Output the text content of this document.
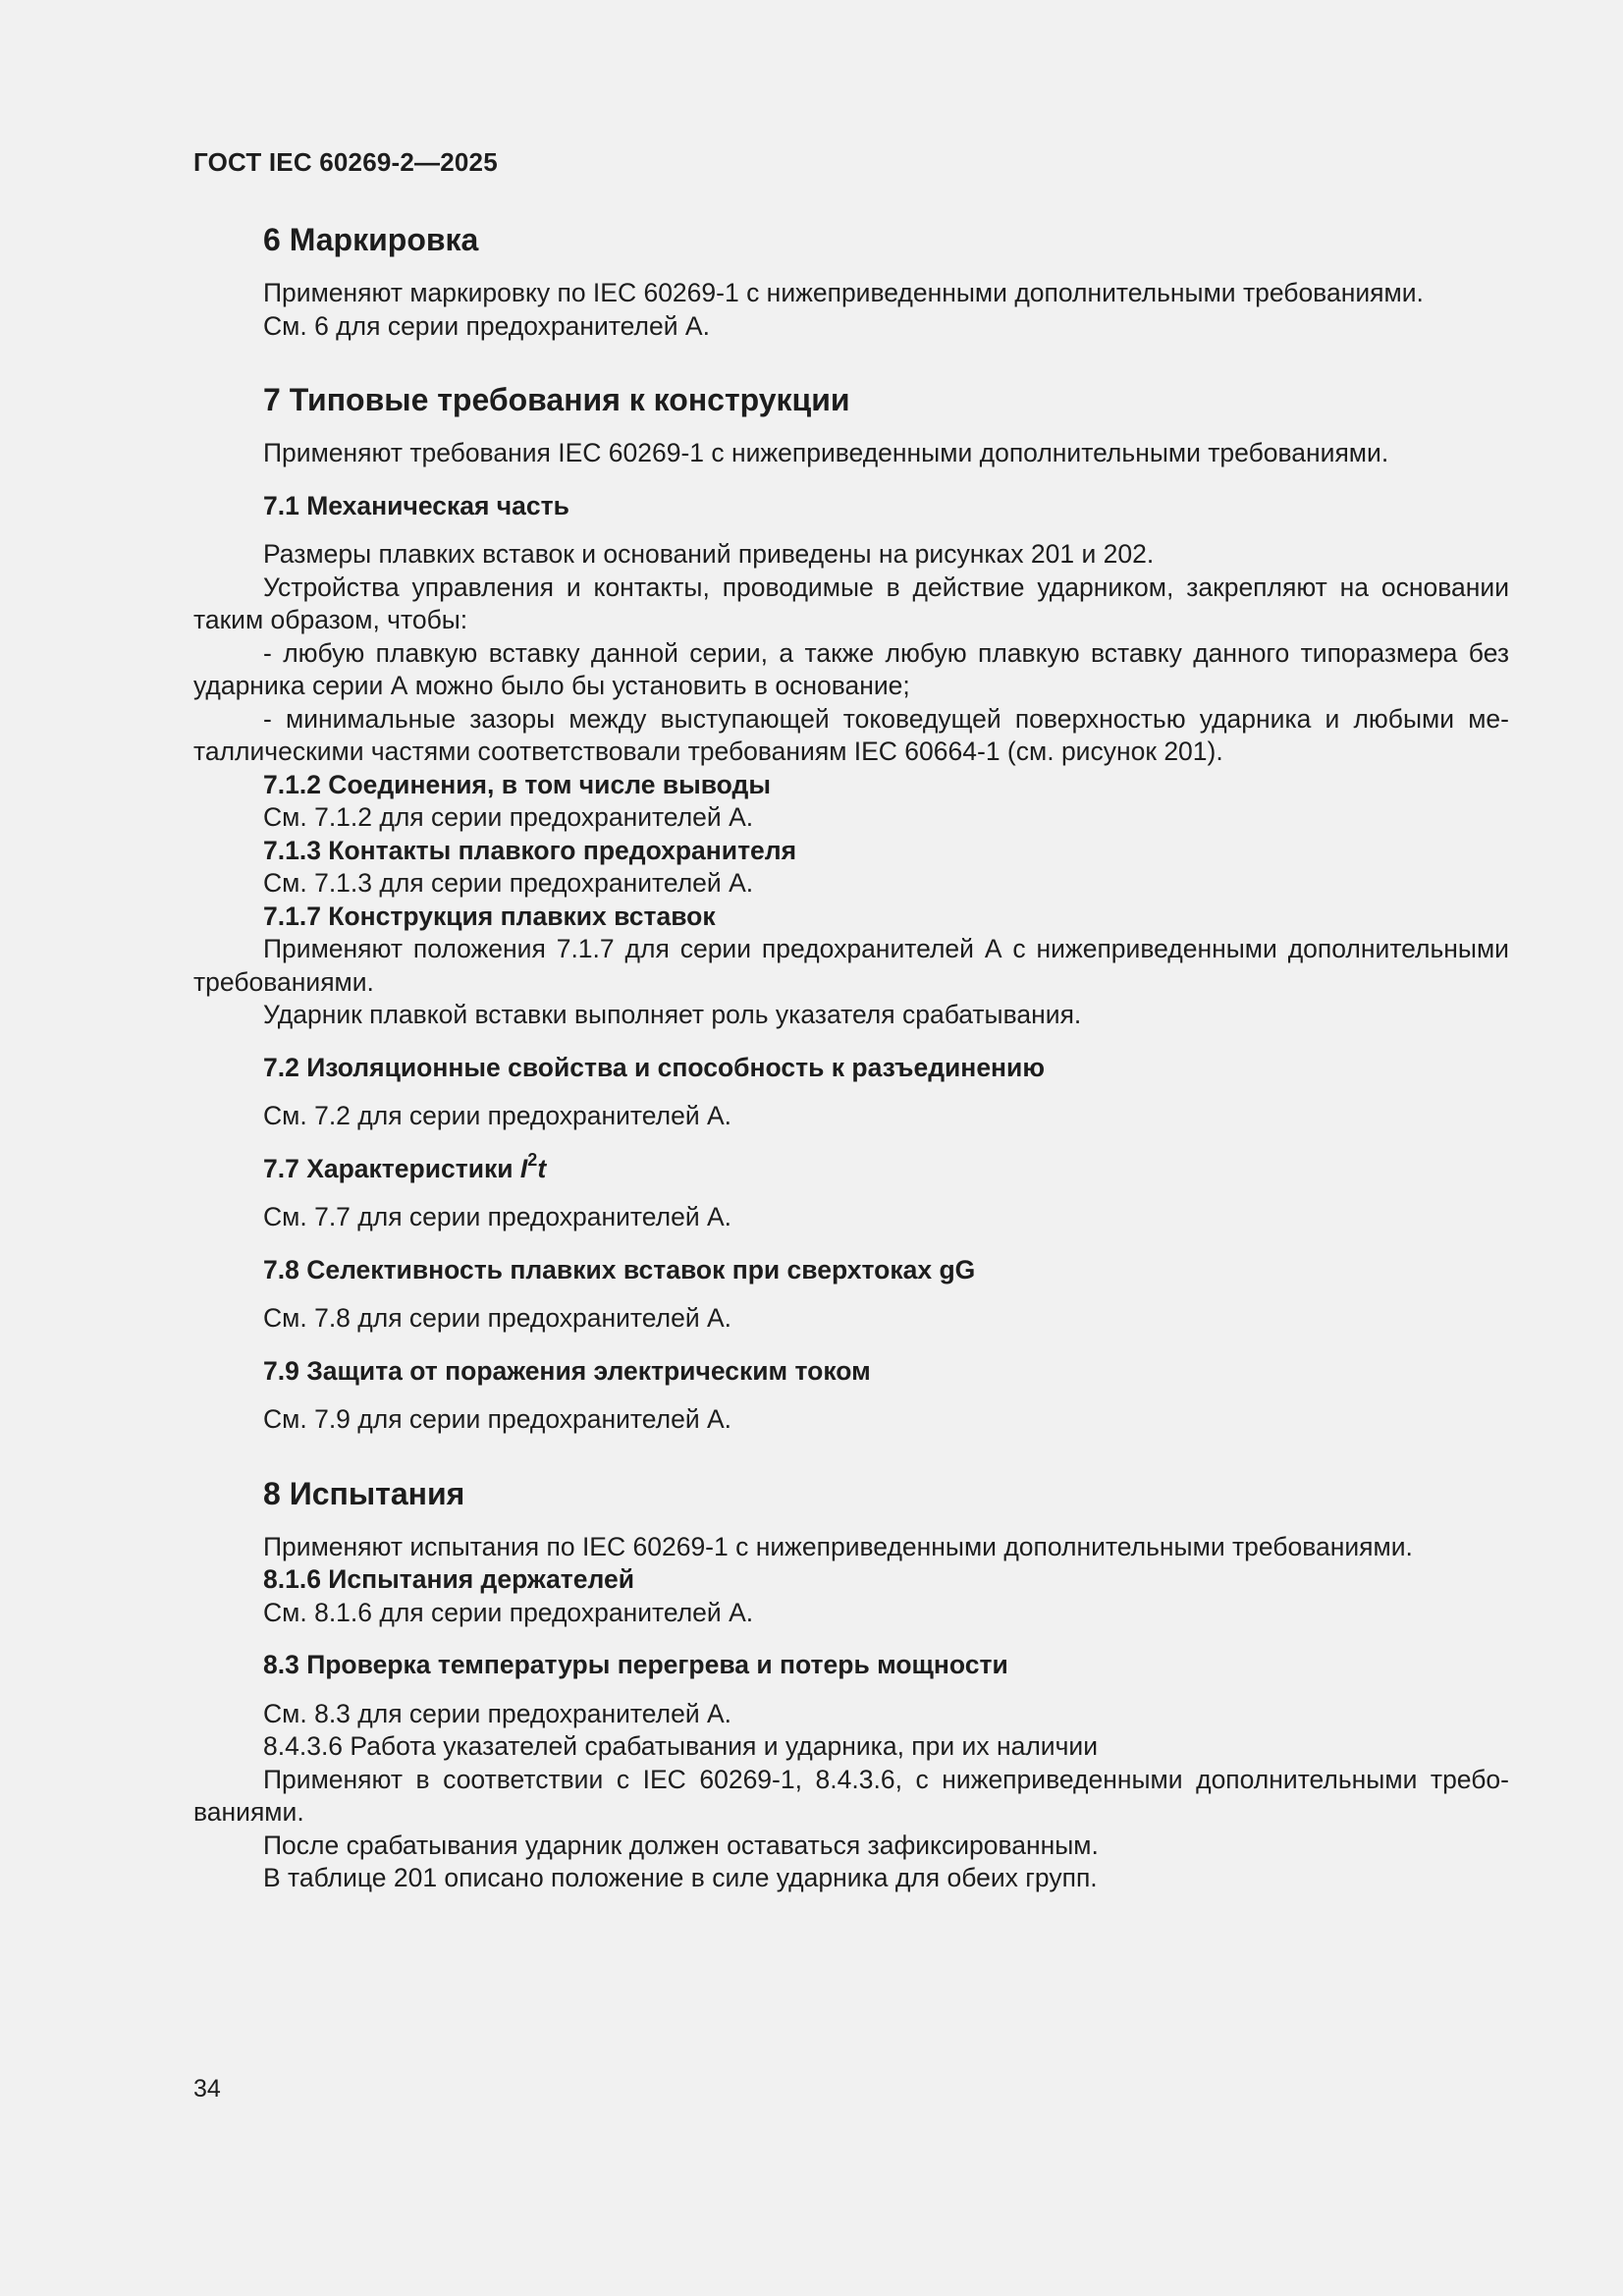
ГОСТ IEC 60269-2—2025

6 Маркировка

Применяют маркировку по IEC 60269-1 с нижеприведенными дополнительными требованиями.

См. 6 для серии предохранителей А.

7 Типовые требования к конструкции

Применяют требования IEC 60269-1 с нижеприведенными дополнительными требованиями.

7.1 Механическая часть

Размеры плавких вставок и оснований приведены на рисунках 201 и 202.

Устройства управления и контакты, проводимые в действие ударником, закрепляют на основании таким образом, чтобы:

- любую плавкую вставку данной серии, а также любую плавкую вставку данного типоразмера без ударника серии А можно было бы установить в основание;

- минимальные зазоры между выступающей токоведущей поверхностью ударника и любыми металлическими частями соответствовали требованиям IEC 60664-1 (см. рисунок 201).

7.1.2 Соединения, в том числе выводы

См. 7.1.2 для серии предохранителей А.

7.1.3 Контакты плавкого предохранителя

См. 7.1.3 для серии предохранителей А.

7.1.7 Конструкция плавких вставок

Применяют положения 7.1.7 для серии предохранителей А с нижеприведенными дополнительными требованиями.

Ударник плавкой вставки выполняет роль указателя срабатывания.

7.2 Изоляционные свойства и способность к разъединению

См. 7.2 для серии предохранителей А.

7.7 Характеристики $I^2t$

См. 7.7 для серии предохранителей А.

7.8 Селективность плавких вставок при сверхтоках gG

См. 7.8 для серии предохранителей А.

7.9 Защита от поражения электрическим током

См. 7.9 для серии предохранителей А.

8 Испытания

Применяют испытания по IEC 60269-1 с нижеприведенными дополнительными требованиями.

8.1.6 Испытания держателей

См. 8.1.6 для серии предохранителей А.

8.3 Проверка температуры перегрева и потерь мощности

См. 8.3 для серии предохранителей А.

8.4.3.6 Работа указателей срабатывания и ударника, при их наличии

Применяют в соответствии с IEC 60269-1, 8.4.3.6, с нижеприведенными дополнительными требованиями.

После срабатывания ударник должен оставаться зафиксированным.

В таблице 201 описано положение в силе ударника для обеих групп.

34
